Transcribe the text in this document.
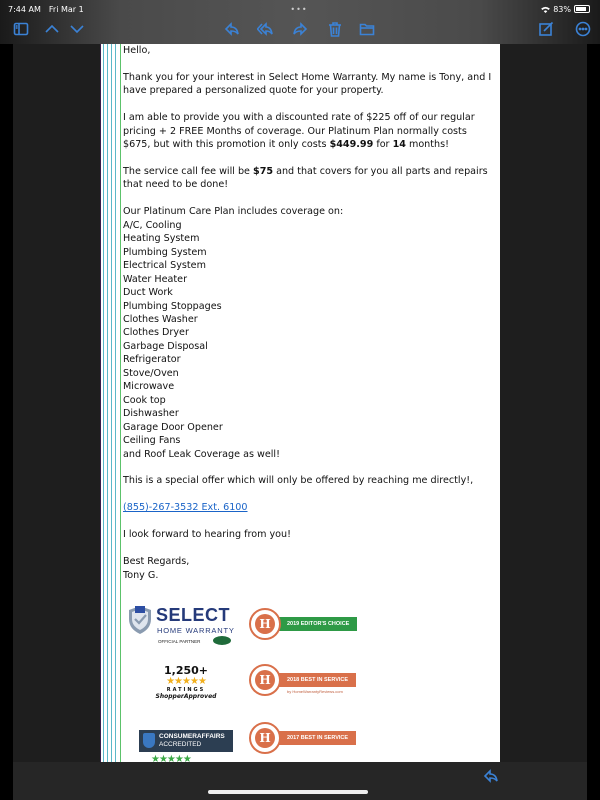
7:44 AM Fri Mar 1	•••	83%

Hello,

Thank you for your interest in Select Home Warranty. My name is Tony, and I have prepared a personalized quote for your property.

I am able to provide you with a discounted rate of $225 off of our regular pricing + 2 FREE Months of coverage. Our Platinum Plan normally costs $675, but with this promotion it only costs $449.99 for 14 months!

The service call fee will be $75 and that covers for you all parts and repairs that need to be done!

Our Platinum Care Plan includes coverage on:

A/C, Cooling
Heating System
Plumbing System
Electrical System
Water Heater
Duct Work
Plumbing Stoppages
Clothes Washer
Clothes Dryer
Garbage Disposal
Refrigerator
Stove/Oven
Microwave
Cook top
Dishwasher
Garage Door Opener
Ceiling Fans
and Roof Leak Coverage as well!

This is a special offer which will only be offered by reaching me directly!,

(855)-267-3532 Ext. 6100

I look forward to hearing from you!

Best Regards,

Tony G.

SELECT
HOME WARRANTY
OFFICIAL PARTNER
2019 EDITOR'S CHOICE
H
1,250+
★★★★★
RATINGS
ShopperApproved
2018 BEST IN SERVICE
H
by HomeWarrantyReviews.com
CONSUMERAFFAIRS
ACCREDITED
★★★★★
2017 BEST IN SERVICE
H
